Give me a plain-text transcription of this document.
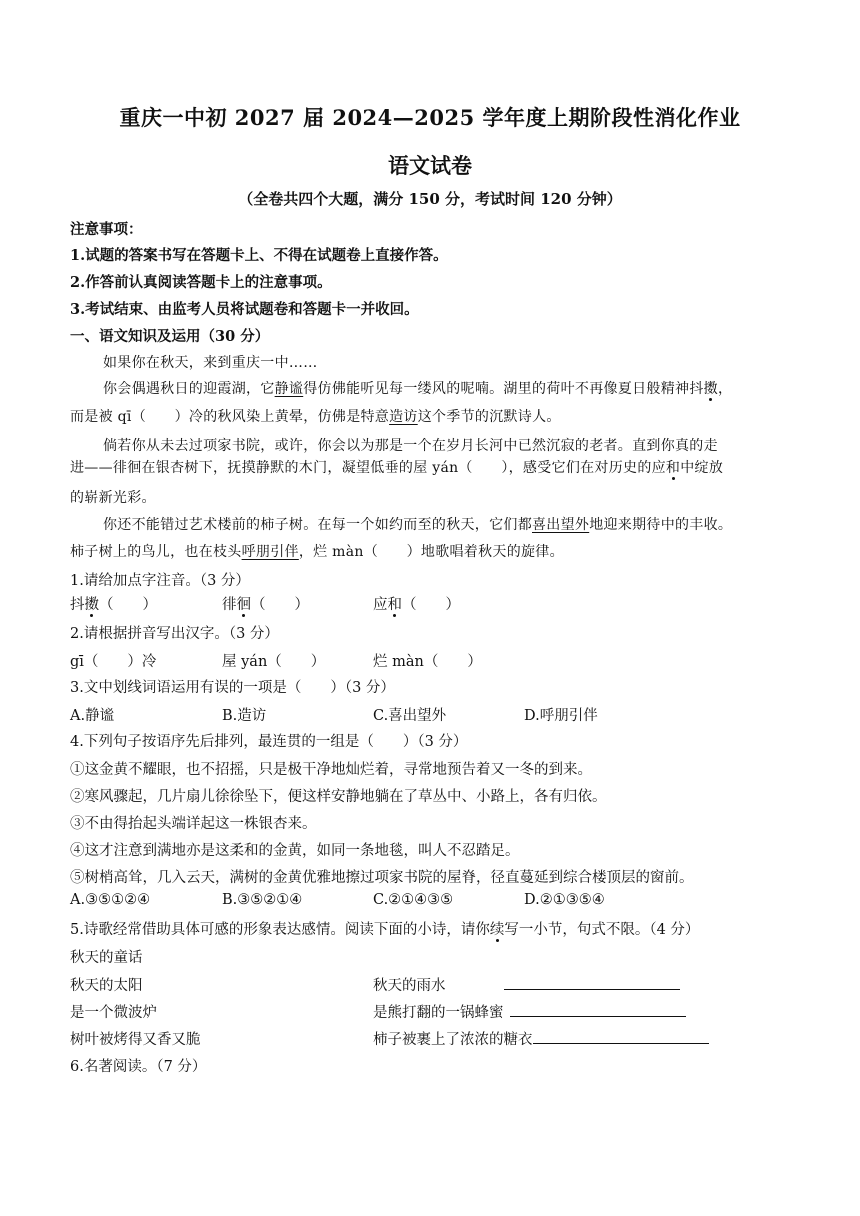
重庆一中初 2027 届 2024—2025 学年度上期阶段性消化作业
语文试卷
（全卷共四个大题，满分 150 分，考试时间 120 分钟）
注意事项：
1.试题的答案书写在答题卡上、不得在试题卷上直接作答。
2.作答前认真阅读答题卡上的注意事项。
3.考试结束、由监考人员将试题卷和答题卡一并收回。
一、语文知识及运用（30 分）
如果你在秋天，来到重庆一中……
你会偶遇秋日的迎霞湖，它静谧得仿佛能听见每一缕风的呢喃。湖里的荷叶不再像夏日般精神抖擞，
而是被 qī（　　）冷的秋风染上黄晕，仿佛是特意造访这个季节的沉默诗人。
倘若你从未去过项家书院，或许，你会以为那是一个在岁月长河中已然沉寂的老者。直到你真的走
进——徘徊在银杏树下，抚摸静默的木门，凝望低垂的屋 yán（　　），感受它们在对历史的应和中绽放
的崭新光彩。
你还不能错过艺术楼前的柿子树。在每一个如约而至的秋天，它们都喜出望外地迎来期待中的丰收。
柿子树上的鸟儿，也在枝头呼朋引伴，烂 màn（　　）地歌唱着秋天的旋律。
1.请给加点字注音。（3 分）
抖擞（　　）	徘徊（　　）	应和（　　）
2.请根据拼音写出汉字。（3 分）
gī（　　）冷	屋 yán（　　）	烂 màn（　　）
3.文中划线词语运用有误的一项是（　　）（3 分）
A.静谧	B.造访	C.喜出望外	D.呼朋引伴
4.下列句子按语序先后排列，最连贯的一组是（　　）（3 分）
①这金黄不耀眼，也不招摇，只是极干净地灿烂着，寻常地预告着又一冬的到来。
②寒风骤起，几片扇儿徐徐坠下，便这样安静地躺在了草丛中、小路上，各有归依。
③不由得抬起头端详起这一株银杏来。
④这才注意到满地亦是这柔和的金黄，如同一条地毯，叫人不忍踏足。
⑤树梢高耸，几入云天，满树的金黄优雅地擦过项家书院的屋脊，径直蔓延到综合楼顶层的窗前。
A.③⑤①②④	B.③⑤②①④	C.②①④③⑤	D.②①③⑤④
5.诗歌经常借助具体可感的形象表达感情。阅读下面的小诗，请你续写一小节，句式不限。（4 分）
秋天的童话
秋天的太阳
是一个微波炉
树叶被烤得又香又脆
秋天的雨水
是熊打翻的一锅蜂蜜
柿子被裹上了浓浓的糖衣
6.名著阅读。（7 分）
